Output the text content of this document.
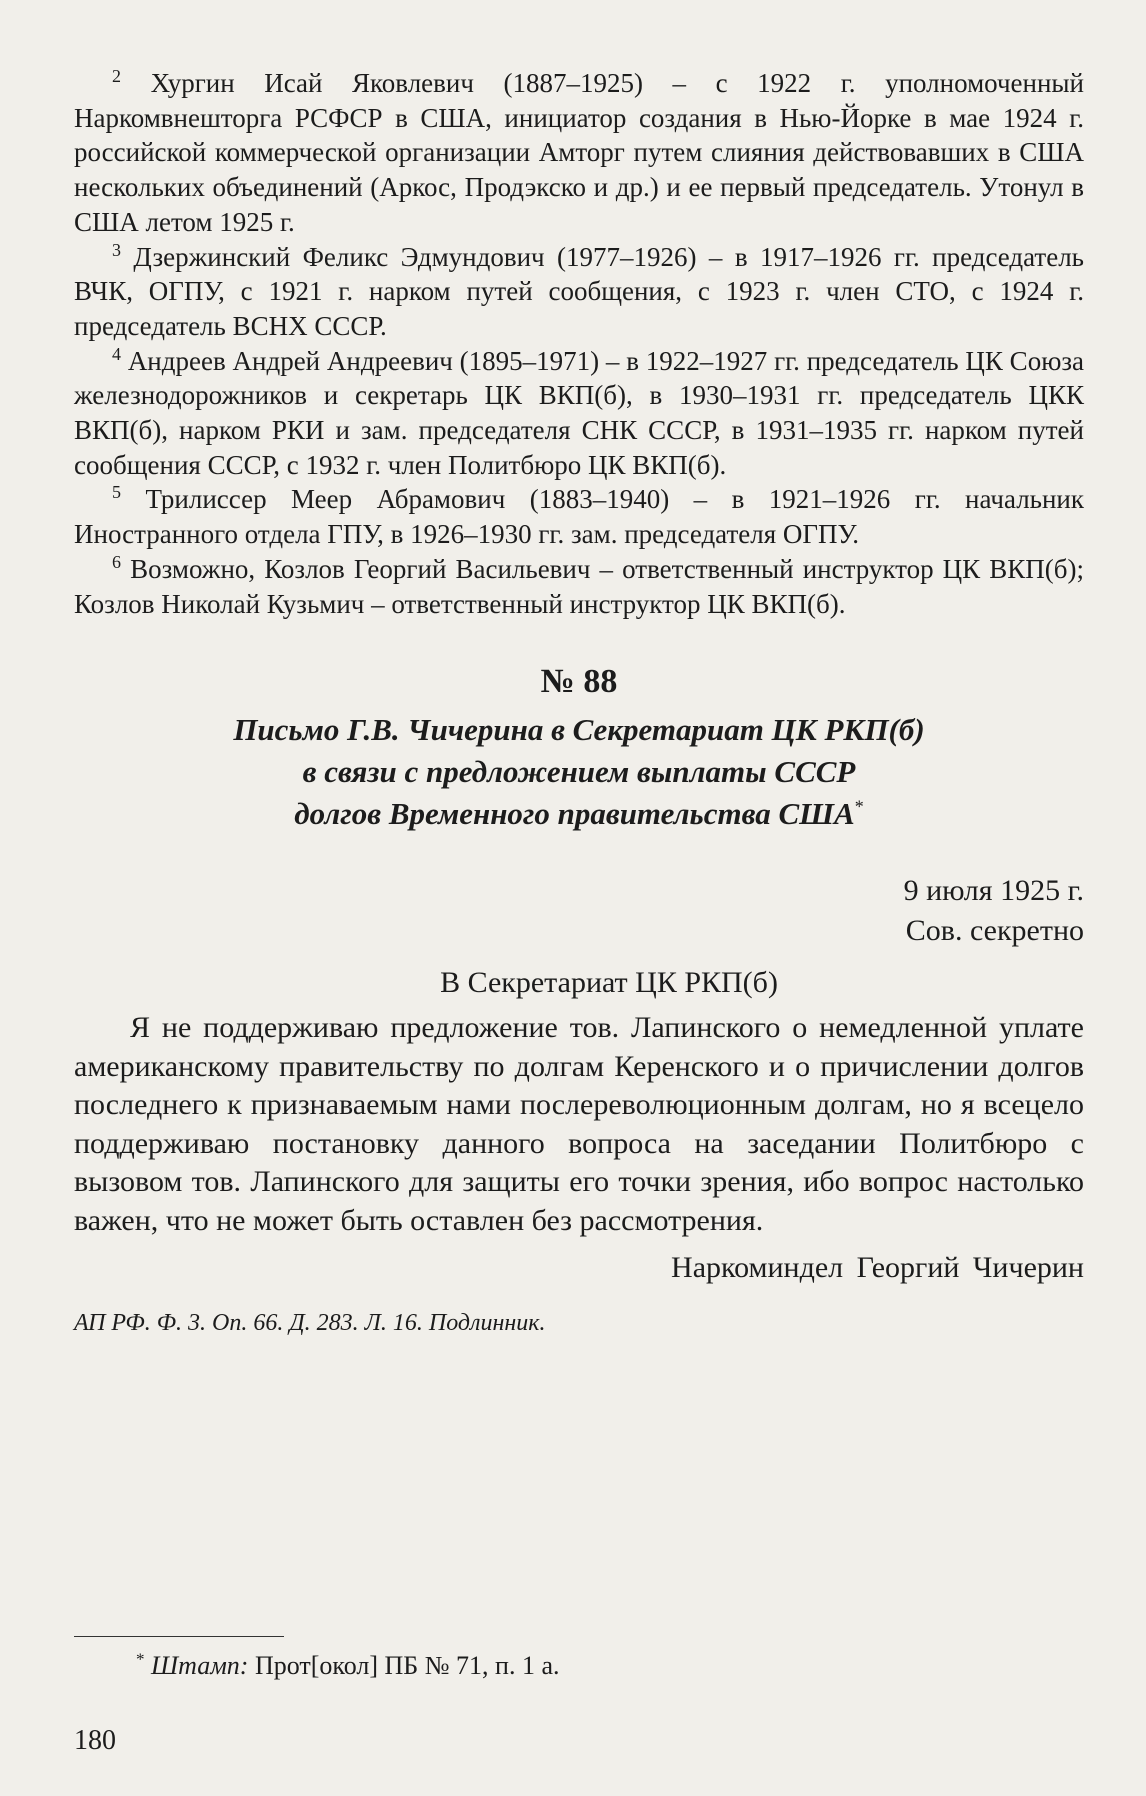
$^2$ Хургин Исай Яковлевич (1887–1925) – с 1922 г. уполномоченный Наркомвнешторга РСФСР в США, инициатор создания в Нью-Йорке в мае 1924 г. российской коммерческой организации Амторг путем слияния действовавших в США нескольких объединений (Аркос, Продэкско и др.) и ее первый председатель. Утонул в США летом 1925 г.

$^3$ Дзержинский Феликс Эдмундович (1977–1926) – в 1917–1926 гг. председатель ВЧК, ОГПУ, с 1921 г. нарком путей сообщения, с 1923 г. член СТО, с 1924 г. председатель ВСНХ СССР.

$^4$ Андреев Андрей Андреевич (1895–1971) – в 1922–1927 гг. председатель ЦК Союза железнодорожников и секретарь ЦК ВКП(б), в 1930–1931 гг. председатель ЦКК ВКП(б), нарком РКИ и зам. председателя СНК СССР, в 1931–1935 гг. нарком путей сообщения СССР, с 1932 г. член Политбюро ЦК ВКП(б).

$^5$ Трилиссер Меер Абрамович (1883–1940) – в 1921–1926 гг. начальник Иностранного отдела ГПУ, в 1926–1930 гг. зам. председателя ОГПУ.

$^6$ Возможно, Козлов Георгий Васильевич – ответственный инструктор ЦК ВКП(б); Козлов Николай Кузьмич – ответственный инструктор ЦК ВКП(б).

№ 88

Письмо Г.В. Чичерина в Секретариат ЦК РКП(б)
в связи с предложением выплаты СССР
долгов Временного правительства США*

9 июля 1925 г.

Сов. секретно

В Секретариат ЦК РКП(б)

Я не поддерживаю предложение тов. Лапинского о немедленной уплате американскому правительству по долгам Керенского и о причислении долгов последнего к признаваемым нами послереволюционным долгам, но я всецело поддерживаю постановку данного вопроса на заседании Политбюро с вызовом тов. Лапинского для защиты его точки зрения, ибо вопрос настолько важен, что не может быть оставлен без рассмотрения.

Наркоминдел Георгий Чичерин

АП РФ. Ф. 3. Оп. 66. Д. 283. Л. 16. Подлинник.

* Штамп: Прот[окол] ПБ № 71, п. 1 а.
180
